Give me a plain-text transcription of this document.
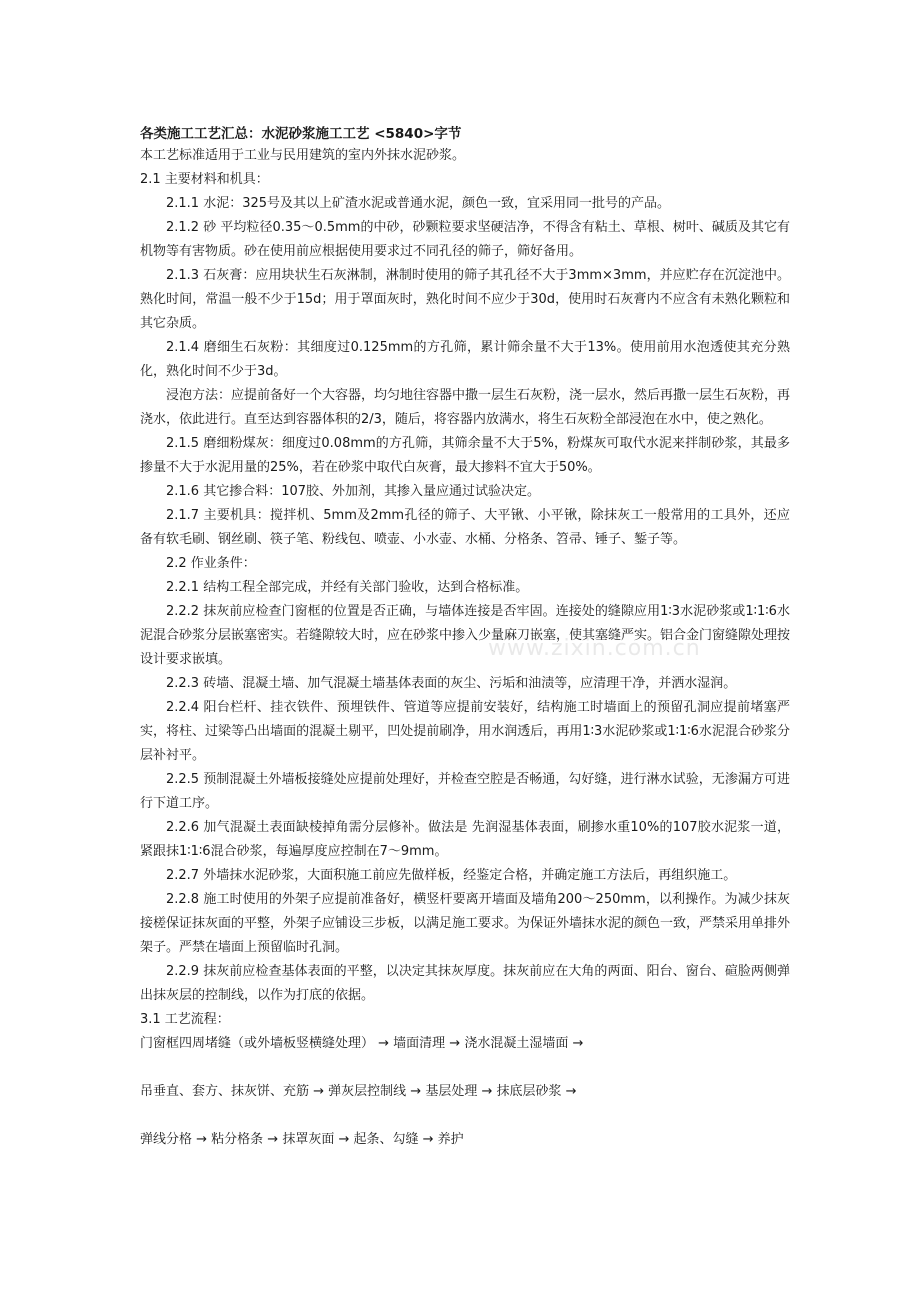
各类施工工艺汇总：水泥砂浆施工工艺 <5840>字节

本工艺标准适用于工业与民用建筑的室内外抹水泥砂浆。

2.1 主要材料和机具：

2.1.1 水泥：325号及其以上矿渣水泥或普通水泥，颜色一致，宜采用同一批号的产品。

2.1.2 砂 平均粒径0.35～0.5mm的中砂，砂颗粒要求坚硬洁净，不得含有粘土、草根、树叶、碱质及其它有机物等有害物质。砂在使用前应根据使用要求过不同孔径的筛子，筛好备用。

2.1.3 石灰膏：应用块状生石灰淋制，淋制时使用的筛子其孔径不大于3mm×3mm，并应贮存在沉淀池中。熟化时间，常温一般不少于15d；用于罩面灰时，熟化时间不应少于30d，使用时石灰膏内不应含有未熟化颗粒和其它杂质。

2.1.4 磨细生石灰粉：其细度过0.125mm的方孔筛，累计筛余量不大于13%。使用前用水泡透使其充分熟化，熟化时间不少于3d。

浸泡方法：应提前备好一个大容器，均匀地往容器中撒一层生石灰粉，浇一层水，然后再撒一层生石灰粉，再浇水，依此进行。直至达到容器体积的2/3，随后，将容器内放满水，将生石灰粉全部浸泡在水中，使之熟化。

2.1.5 磨细粉煤灰：细度过0.08mm的方孔筛，其筛余量不大于5%，粉煤灰可取代水泥来拌制砂浆，其最多掺量不大于水泥用量的25%，若在砂浆中取代白灰膏，最大掺料不宜大于50%。

2.1.6 其它掺合料：107胶、外加剂，其掺入量应通过试验决定。

2.1.7 主要机具：搅拌机、5mm及2mm孔径的筛子、大平锹、小平锹，除抹灰工一般常用的工具外，还应备有软毛刷、钢丝刷、筷子笔、粉线包、喷壶、小水壶、水桶、分格条、笤帚、锤子、錾子等。

2.2 作业条件：

2.2.1 结构工程全部完成，并经有关部门验收，达到合格标准。

2.2.2 抹灰前应检查门窗框的位置是否正确，与墙体连接是否牢固。连接处的缝隙应用1∶3水泥砂浆或1∶1∶6水泥混合砂浆分层嵌塞密实。若缝隙较大时，应在砂浆中掺入少量麻刀嵌塞，使其塞缝严实。铝合金门窗缝隙处理按设计要求嵌填。

2.2.3 砖墙、混凝土墙、加气混凝土墙基体表面的灰尘、污垢和油渍等，应清理干净，并洒水湿润。

2.2.4 阳台栏杆、挂衣铁件、预埋铁件、管道等应提前安装好，结构施工时墙面上的预留孔洞应提前堵塞严实，将柱、过梁等凸出墙面的混凝土剔平，凹处提前刷净，用水润透后，再用1∶3水泥砂浆或1∶1∶6水泥混合砂浆分层补衬平。

2.2.5 预制混凝土外墙板接缝处应提前处理好，并检查空腔是否畅通，勾好缝，进行淋水试验，无渗漏方可进行下道工序。

2.2.6 加气混凝土表面缺棱掉角需分层修补。做法是 先润湿基体表面，刷掺水重10%的107胶水泥浆一道，紧跟抹1∶1∶6混合砂浆，每遍厚度应控制在7～9mm。

2.2.7 外墙抹水泥砂浆，大面积施工前应先做样板，经鉴定合格，并确定施工方法后，再组织施工。

2.2.8 施工时使用的外架子应提前准备好，横竖杆要离开墙面及墙角200～250mm，以利操作。为减少抹灰接槎保证抹灰面的平整，外架子应铺设三步板，以满足施工要求。为保证外墙抹水泥的颜色一致，严禁采用单排外架子。严禁在墙面上预留临时孔洞。

2.2.9 抹灰前应检查基体表面的平整，以决定其抹灰厚度。抹灰前应在大角的两面、阳台、窗台、碹脸两侧弹出抹灰层的控制线，以作为打底的依据。

3.1 工艺流程：

门窗框四周堵缝（或外墙板竖横缝处理） → 墙面清理 → 浇水混凝土湿墙面 →

吊垂直、套方、抹灰饼、充筋 → 弹灰层控制线 → 基层处理 → 抹底层砂浆 →

弹线分格 → 粘分格条 → 抹罩灰面 → 起条、勾缝 → 养护

www.zixin.com.cn
